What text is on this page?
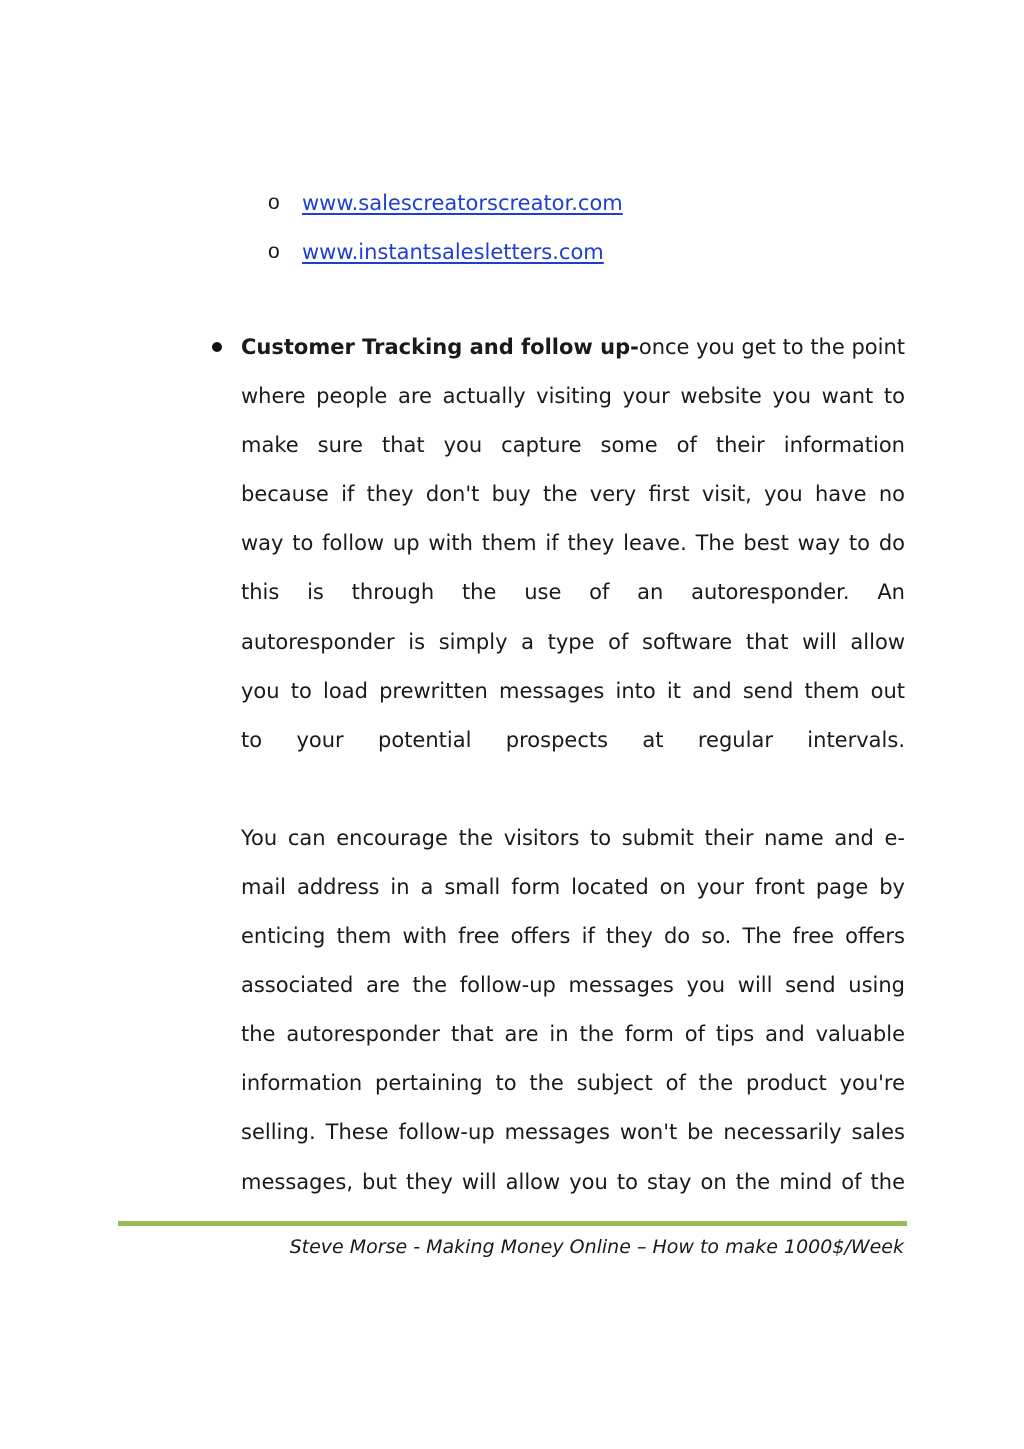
o	www.salescreatorscreator.com
o	www.instantsalesletters.com

Customer Tracking and follow up-once you get to the point

where people are actually visiting your website you want to

make sure that you capture some of their information

because if they don't buy the very first visit, you have no

way to follow up with them if they leave. The best way to do

this is through the use of an autoresponder. An

autoresponder is simply a type of software that will allow

you to load prewritten messages into it and send them out

to your potential prospects at regular intervals.

You can encourage the visitors to submit their name and e-

mail address in a small form located on your front page by

enticing them with free offers if they do so. The free offers

associated are the follow-up messages you will send using

the autoresponder that are in the form of tips and valuable

information pertaining to the subject of the product you're

selling. These follow-up messages won't be necessarily sales

messages, but they will allow you to stay on the mind of the

Steve Morse - Making Money Online – How to make 1000$/Week
